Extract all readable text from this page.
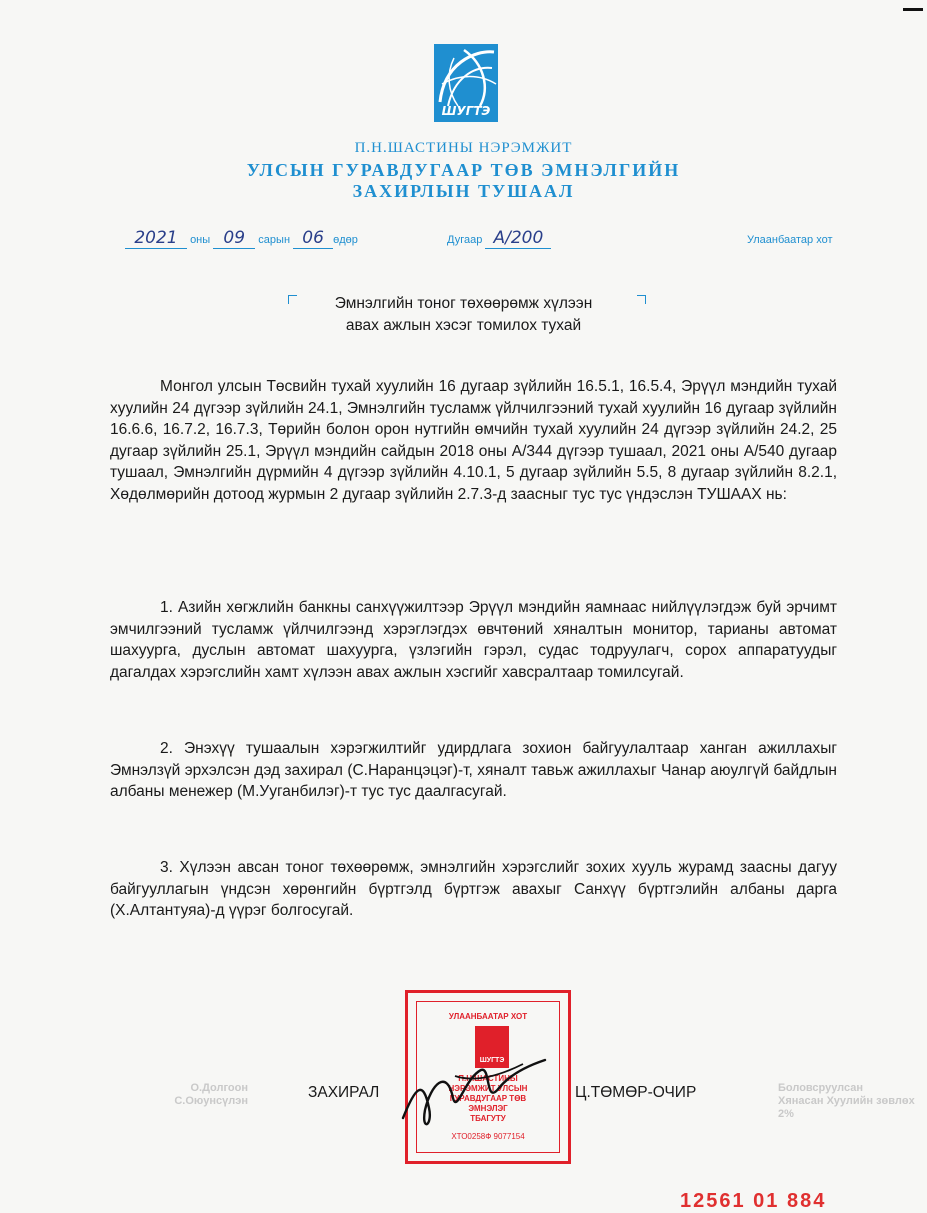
ШУГТЭ
П.Н.ШАСТИНЫ НЭРЭМЖИТ
УЛСЫН ГУРАВДУГААР ТӨВ ЭМНЭЛГИЙН
ЗАХИРЛЫН ТУШААЛ
2021 оны 09 сарын 06 өдөр	Дугаар A/200	Улаанбаатар хот
Эмнэлгийн тоног төхөөрөмж хүлээн
авах ажлын хэсэг томилох тухай

Монгол улсын Төсвийн тухай хуулийн 16 дугаар зүйлийн 16.5.1, 16.5.4, Эрүүл мэндийн тухай хуулийн 24 дүгээр зүйлийн 24.1, Эмнэлгийн тусламж үйлчилгээний тухай хуулийн 16 дугаар зүйлийн 16.6.6, 16.7.2, 16.7.3, Төрийн болон орон нутгийн өмчийн тухай хуулийн 24 дүгээр зүйлийн 24.2, 25 дугаар зүйлийн 25.1, Эрүүл мэндийн сайдын 2018 оны А/344 дүгээр тушаал, 2021 оны А/540 дугаар тушаал, Эмнэлгийн дүрмийн 4 дүгээр зүйлийн 4.10.1, 5 дугаар зүйлийн 5.5, 8 дугаар зүйлийн 8.2.1, Хөдөлмөрийн дотоод журмын 2 дугаар зүйлийн 2.7.3-д заасныг тус тус үндэслэн ТУШААХ нь:

1. Азийн хөгжлийн банкны санхүүжилтээр Эрүүл мэндийн яамнаас нийлүүлэгдэж буй эрчимт эмчилгээний тусламж үйлчилгээнд хэрэглэгдэх өвчтөний хяналтын монитор, тарианы автомат шахуурга, дуслын автомат шахуурга, үзлэгийн гэрэл, судас тодруулагч, сорох аппаратуудыг дагалдах хэрэгслийн хамт хүлээн авах ажлын хэсгийг хавсралтаар томилсугай.

2. Энэхүү тушаалын хэрэгжилтийг удирдлага зохион байгуулалтаар ханган ажиллахыг Эмнэлзүй эрхэлсэн дэд захирал (С.Наранцэцэг)-т, хяналт тавьж ажиллахыг Чанар аюулгүй байдлын албаны менежер (М.Ууганбилэг)-т тус тус даалгасугай.

3. Хүлээн авсан тоног төхөөрөмж, эмнэлгийн хэрэгслийг зохих хууль журамд заасны дагуу байгууллагын үндсэн хөрөнгийн бүртгэлд бүртгэж авахыг Санхүү бүртгэлийн албаны дарга (Х.Алтантуяа)-д үүрэг болгосугай.

О.Долгоон
С.Оюунсүлэн
Боловсруулсан
Хянасан Хуулийн зөвлөх
2%
УЛААНБААТАР ХОТ
ШУГТЭ
П.Н.ШАСТИНЫ
НЭРЭМЖИТ УЛСЫН
ГУРАВДУГААР ТӨВ
ЭМНЭЛЭГ
ТБАГУТУ
ХТО0258Ф 9077154
ЗАХИРАЛ	Ц.ТӨМӨР-ОЧИР
12561 01 884
